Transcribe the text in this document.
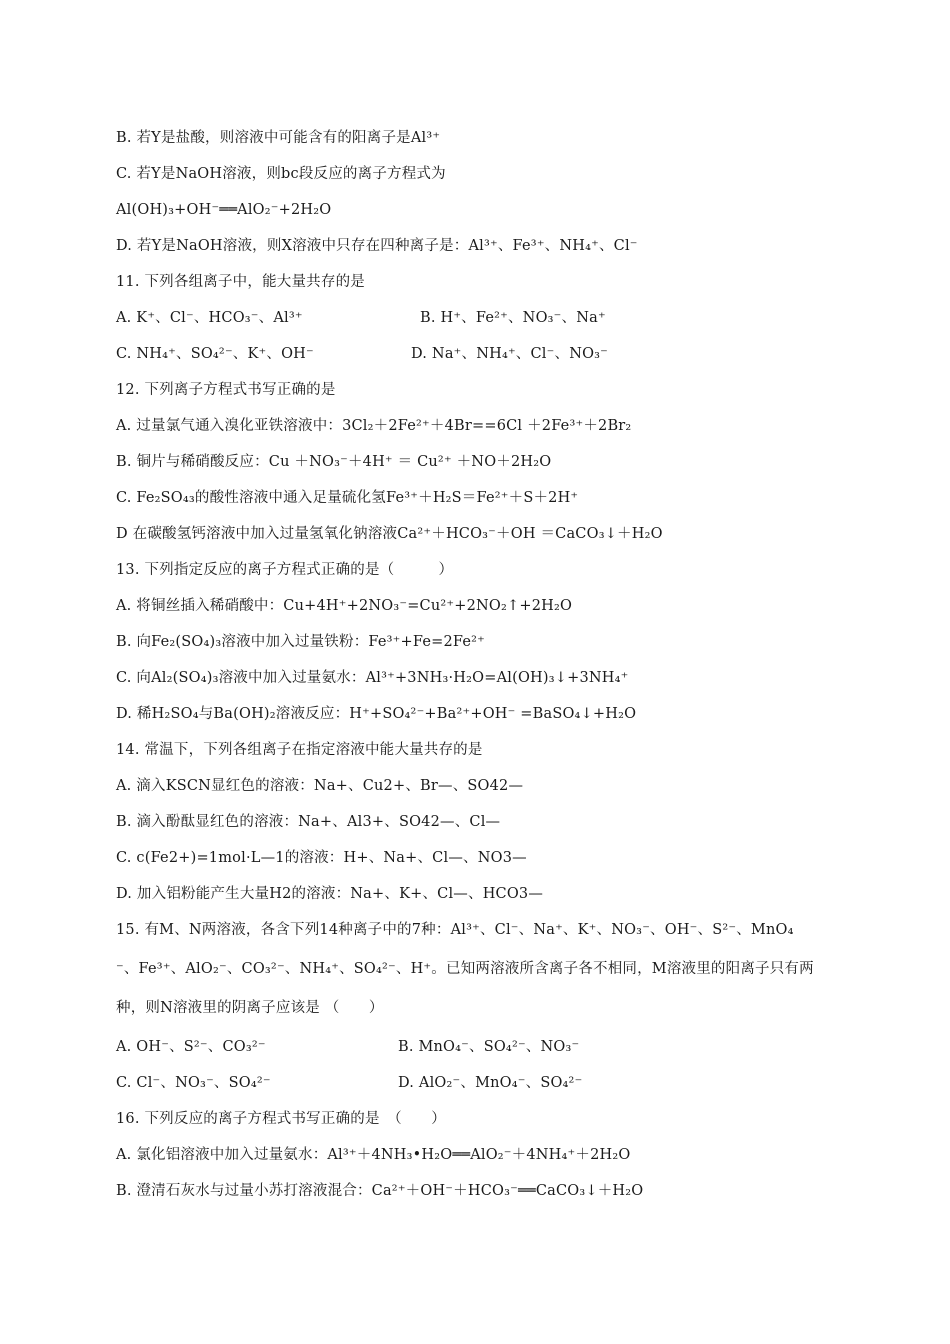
B. 若Y是盐酸，则溶液中可能含有的阳离子是Al³⁺
C. 若Y是NaOH溶液，则bc段反应的离子方程式为
Al(OH)₃+OH⁻══AlO₂⁻+2H₂O
D. 若Y是NaOH溶液，则X溶液中只存在四种离子是：Al³⁺、Fe³⁺、NH₄⁺、Cl⁻
11. 下列各组离子中，能大量共存的是
A. K⁺、Cl⁻、HCO₃⁻、Al³⁺	B. H⁺、Fe²⁺、NO₃⁻、Na⁺
C. NH₄⁺、SO₄²⁻、K⁺、OH⁻	D. Na⁺、NH₄⁺、Cl⁻、NO₃⁻
12. 下列离子方程式书写正确的是
A. 过量氯气通入溴化亚铁溶液中：3Cl₂＋2Fe²⁺＋4Br==6Cl ＋2Fe³⁺＋2Br₂
B. 铜片与稀硝酸反应：Cu ＋NO₃⁻＋4H⁺ ＝ Cu²⁺ ＋NO＋2H₂O
C. Fe₂SO₄₃的酸性溶液中通入足量硫化氢Fe³⁺＋H₂S＝Fe²⁺＋S＋2H⁺
D 在碳酸氢钙溶液中加入过量氢氧化钠溶液Ca²⁺＋HCO₃⁻＋OH ＝CaCO₃↓＋H₂O
13. 下列指定反应的离子方程式正确的是（　　　）
A. 将铜丝插入稀硝酸中：Cu+4H⁺+2NO₃⁻=Cu²⁺+2NO₂↑+2H₂O
B. 向Fe₂(SO₄)₃溶液中加入过量铁粉：Fe³⁺+Fe=2Fe²⁺
C. 向Al₂(SO₄)₃溶液中加入过量氨水：Al³⁺+3NH₃·H₂O=Al(OH)₃↓+3NH₄⁺
D. 稀H₂SO₄与Ba(OH)₂溶液反应：H⁺+SO₄²⁻+Ba²⁺+OH⁻ =BaSO₄↓+H₂O
14. 常温下，下列各组离子在指定溶液中能大量共存的是
A. 滴入KSCN显红色的溶液：Na+、Cu2+、Br—、SO42—
B. 滴入酚酞显红色的溶液：Na+、Al3+、SO42—、Cl—
C. c(Fe2+)=1mol·L—1的溶液：H+、Na+、Cl—、NO3—
D. 加入铝粉能产生大量H2的溶液：Na+、K+、Cl—、HCO3—
15. 有M、N两溶液，各含下列14种离子中的7种：Al³⁺、Cl⁻、Na⁺、K⁺、NO₃⁻、OH⁻、S²⁻、MnO₄
⁻、Fe³⁺、AlO₂⁻、CO₃²⁻、NH₄⁺、SO₄²⁻、H⁺。已知两溶液所含离子各不相同，M溶液里的阳离子只有两
种，则N溶液里的阴离子应该是 （　　）
A. OH⁻、S²⁻、CO₃²⁻	B. MnO₄⁻、SO₄²⁻、NO₃⁻
C. Cl⁻、NO₃⁻、SO₄²⁻	D. AlO₂⁻、MnO₄⁻、SO₄²⁻
16. 下列反应的离子方程式书写正确的是　（　　）
A. 氯化铝溶液中加入过量氨水：Al³⁺＋4NH₃•H₂O══AlO₂⁻＋4NH₄⁺＋2H₂O
B. 澄清石灰水与过量小苏打溶液混合：Ca²⁺＋OH⁻＋HCO₃⁻══CaCO₃↓＋H₂O
